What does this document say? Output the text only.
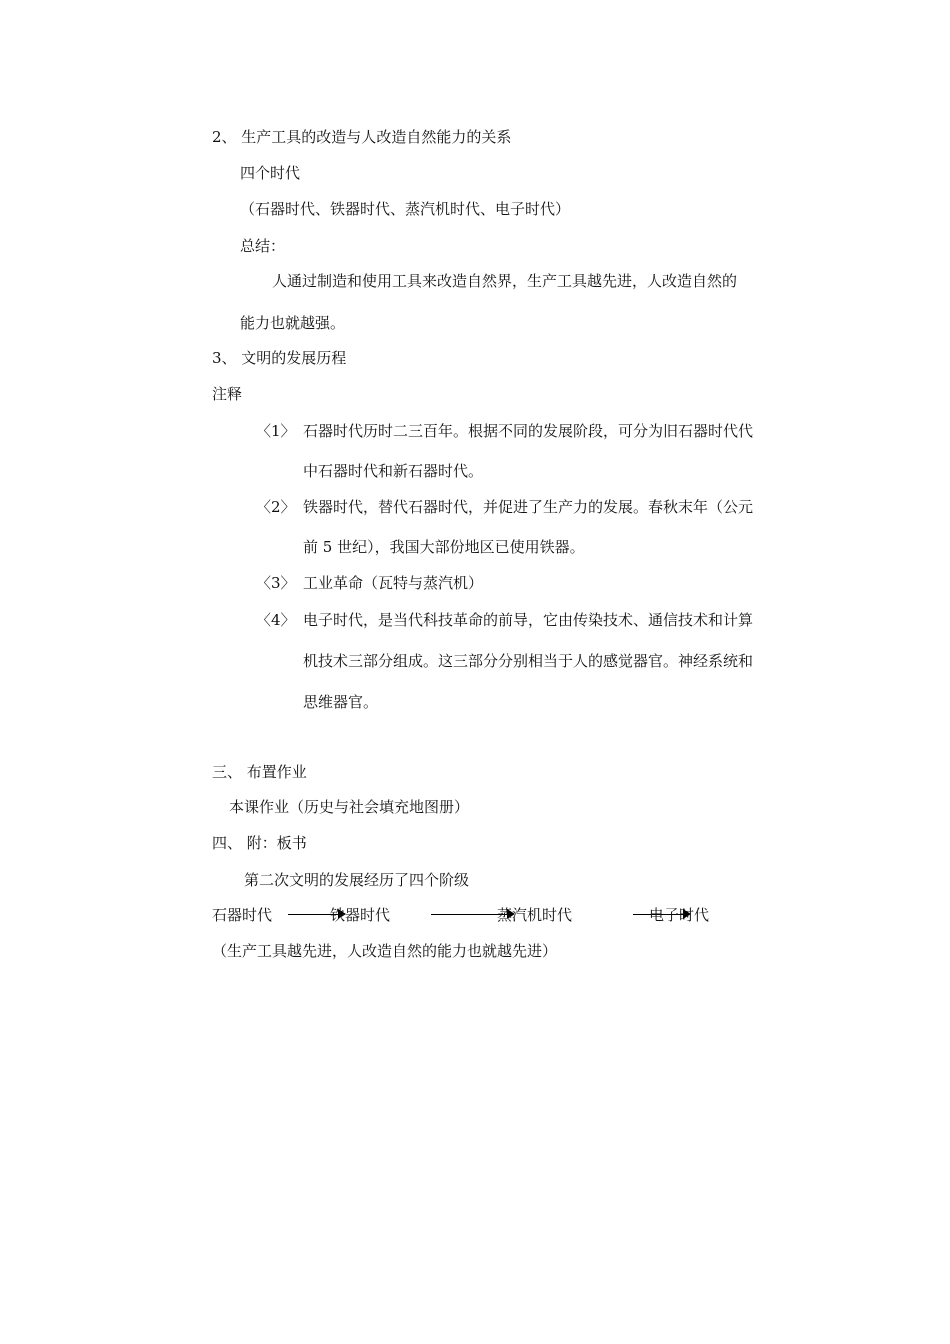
2、 生产工具的改造与人改造自然能力的关系
四个时代
（石器时代、铁器时代、蒸汽机时代、电子时代）
总结：
人通过制造和使用工具来改造自然界，生产工具越先进，人改造自然的
能力也就越强。
3、 文明的发展历程
注释
〈1〉 石器时代历时二三百年。根据不同的发展阶段，可分为旧石器时代代
中石器时代和新石器时代。
〈2〉 铁器时代，替代石器时代，并促进了生产力的发展。春秋末年（公元
前 5 世纪），我国大部份地区已使用铁器。
〈3〉 工业革命（瓦特与蒸汽机）
〈4〉 电子时代，是当代科技革命的前导，它由传染技术、通信技术和计算
机技术三部分组成。这三部分分别相当于人的感觉器官。神经系统和
思维器官。
三、 布置作业
本课作业（历史与社会填充地图册）
四、 附：板书
第二次文明的发展经历了四个阶级
石器时代	铁器时代	蒸汽机时代	电子时代
（生产工具越先进，人改造自然的能力也就越先进）
